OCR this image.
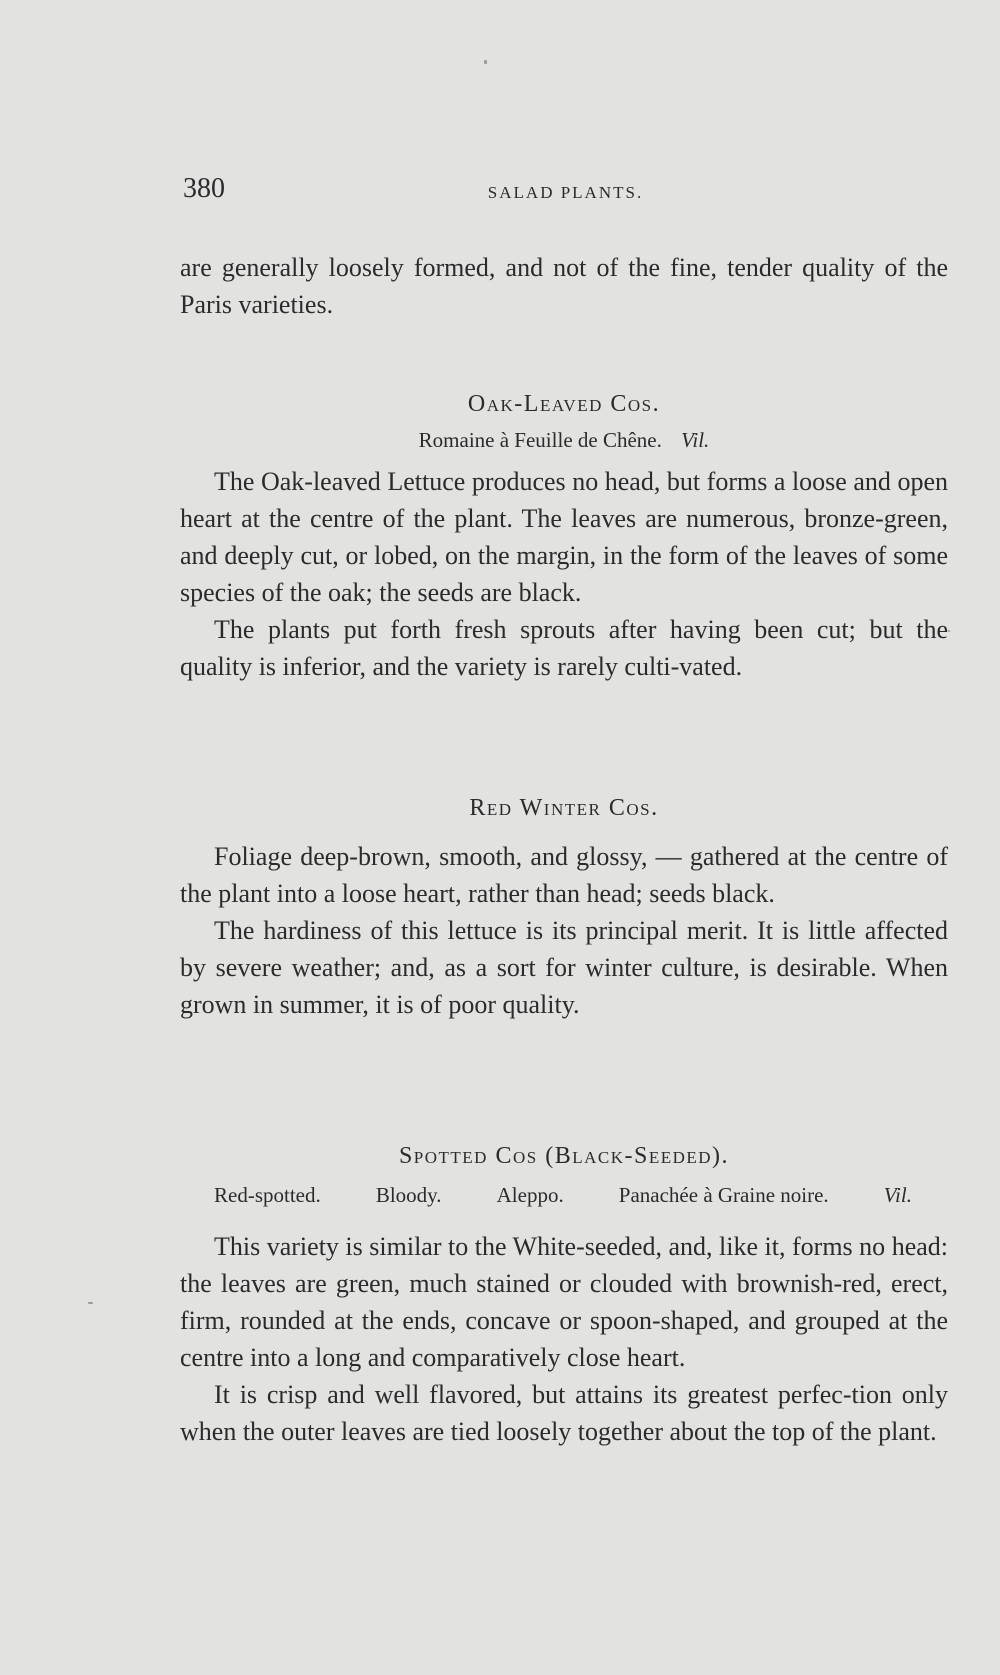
380	SALAD PLANTS.

are generally loosely formed, and not of the fine, tender quality of the Paris varieties.

Oak-Leaved Cos.
Romaine à Feuille de Chêne. Vil.

The Oak-leaved Lettuce produces no head, but forms a loose and open heart at the centre of the plant. The leaves are numerous, bronze-green, and deeply cut, or lobed, on the margin, in the form of the leaves of some species of the oak; the seeds are black.

The plants put forth fresh sprouts after having been cut; but the quality is inferior, and the variety is rarely culti-vated.

Red Winter Cos.

Foliage deep-brown, smooth, and glossy, — gathered at the centre of the plant into a loose heart, rather than head; seeds black.

The hardiness of this lettuce is its principal merit. It is little affected by severe weather; and, as a sort for winter culture, is desirable. When grown in summer, it is of poor quality.

Spotted Cos (Black-Seeded).
Red-spotted.	Bloody.	Aleppo.	Panachée à Graine noire.	Vil.

This variety is similar to the White-seeded, and, like it, forms no head: the leaves are green, much stained or clouded with brownish-red, erect, firm, rounded at the ends, concave or spoon-shaped, and grouped at the centre into a long and comparatively close heart.

It is crisp and well flavored, but attains its greatest perfec-tion only when the outer leaves are tied loosely together about the top of the plant.
